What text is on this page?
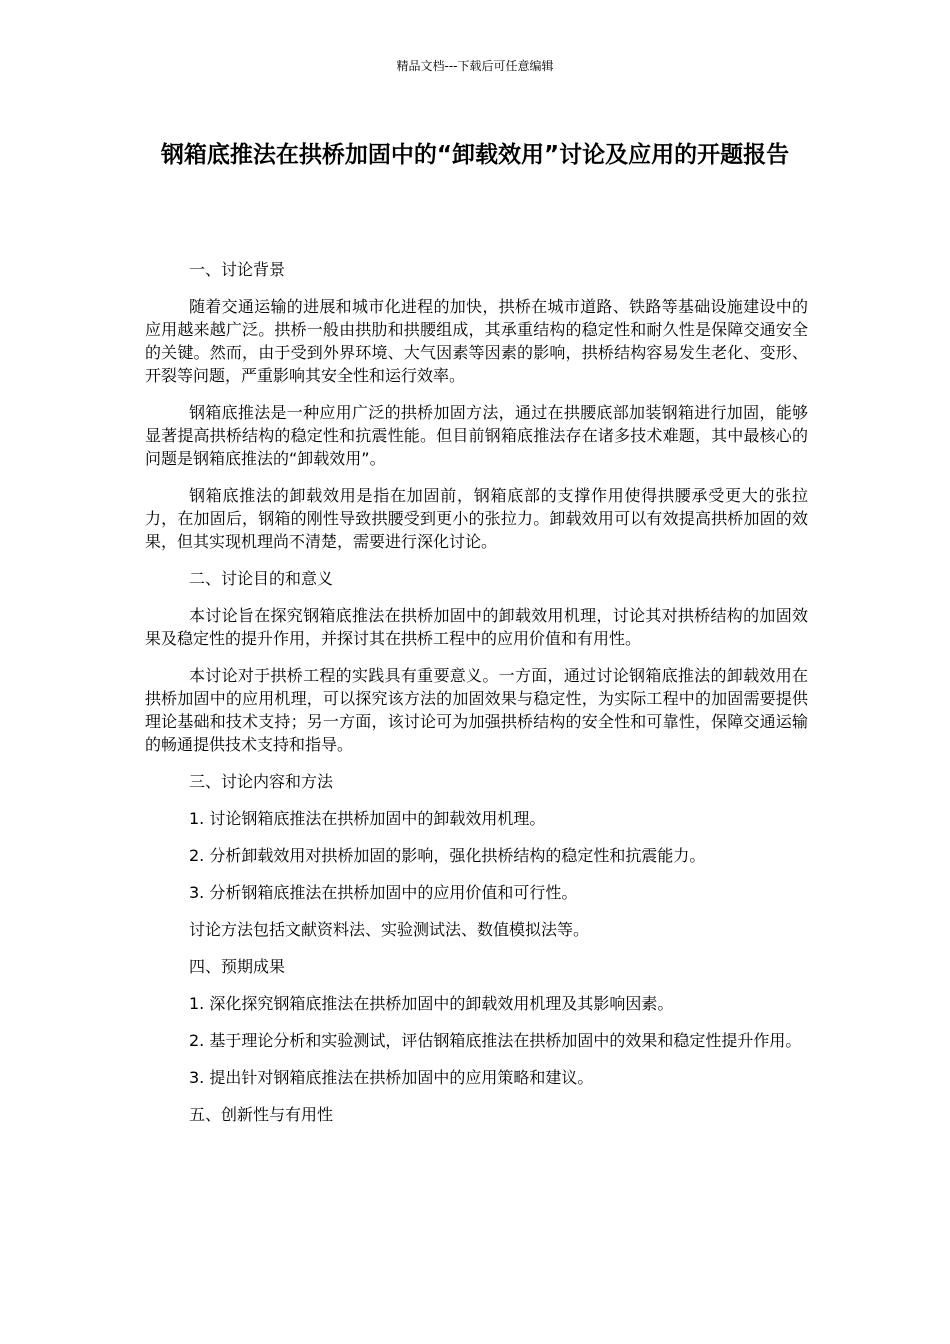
精品文档---下载后可任意编辑
钢箱底推法在拱桥加固中的“卸载效用”讨论及应用的开题报告

一、讨论背景

随着交通运输的进展和城市化进程的加快，拱桥在城市道路、铁路等基础设施建设中的应用越来越广泛。拱桥一般由拱肋和拱腰组成，其承重结构的稳定性和耐久性是保障交通安全的关键。然而，由于受到外界环境、大气因素等因素的影响，拱桥结构容易发生老化、变形、开裂等问题，严重影响其安全性和运行效率。

钢箱底推法是一种应用广泛的拱桥加固方法，通过在拱腰底部加装钢箱进行加固，能够显著提高拱桥结构的稳定性和抗震性能。但目前钢箱底推法存在诸多技术难题，其中最核心的问题是钢箱底推法的“卸载效用”。

钢箱底推法的卸载效用是指在加固前，钢箱底部的支撑作用使得拱腰承受更大的张拉力，在加固后，钢箱的刚性导致拱腰受到更小的张拉力。卸载效用可以有效提高拱桥加固的效果，但其实现机理尚不清楚，需要进行深化讨论。

二、讨论目的和意义

本讨论旨在探究钢箱底推法在拱桥加固中的卸载效用机理，讨论其对拱桥结构的加固效果及稳定性的提升作用，并探讨其在拱桥工程中的应用价值和有用性。

本讨论对于拱桥工程的实践具有重要意义。一方面，通过讨论钢箱底推法的卸载效用在拱桥加固中的应用机理，可以探究该方法的加固效果与稳定性，为实际工程中的加固需要提供理论基础和技术支持；另一方面，该讨论可为加强拱桥结构的安全性和可靠性，保障交通运输的畅通提供技术支持和指导。

三、讨论内容和方法

1. 讨论钢箱底推法在拱桥加固中的卸载效用机理。

2. 分析卸载效用对拱桥加固的影响，强化拱桥结构的稳定性和抗震能力。

3. 分析钢箱底推法在拱桥加固中的应用价值和可行性。

讨论方法包括文献资料法、实验测试法、数值模拟法等。

四、预期成果

1. 深化探究钢箱底推法在拱桥加固中的卸载效用机理及其影响因素。

2. 基于理论分析和实验测试，评估钢箱底推法在拱桥加固中的效果和稳定性提升作用。

3. 提出针对钢箱底推法在拱桥加固中的应用策略和建议。

五、创新性与有用性
